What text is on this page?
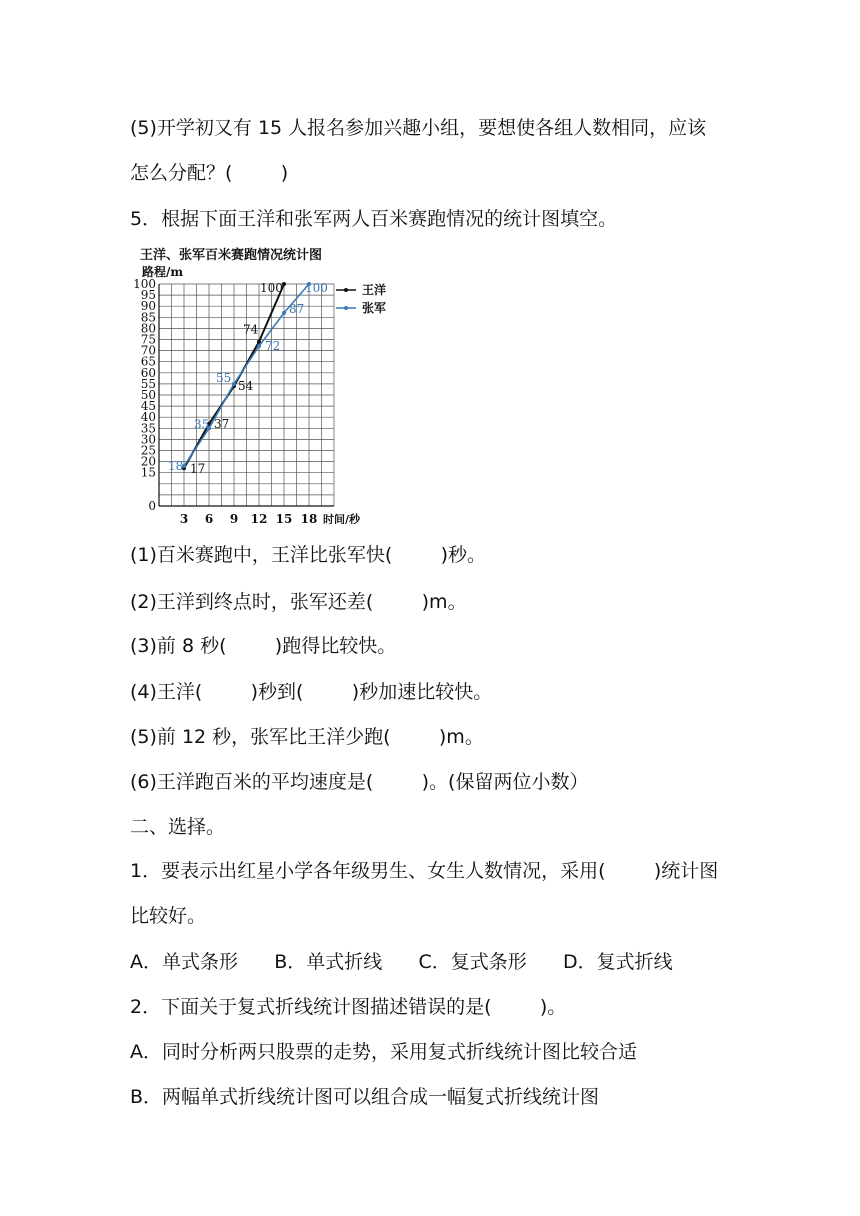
(5)开学初又有 15 人报名参加兴趣小组，要想使各组人数相同，应该
怎么分配？(        )
5．根据下面王洋和张军两人百米赛跑情况的统计图填空。
王洋、张军百米赛跑情况统计图
路程/m
0
15
20
25
30
35
40
45
50
55
60
65
70
75
80
85
90
95
100
3 6 9 12 15 18 时间/秒
17
37
54
74
100
18
35
55
72
87
100	王洋
张军
(1)百米赛跑中，王洋比张军快(        )秒。
(2)王洋到终点时，张军还差(        )m。
(3)前 8 秒(        )跑得比较快。
(4)王洋(        )秒到(        )秒加速比较快。
(5)前 12 秒，张军比王洋少跑(        )m。
(6)王洋跑百米的平均速度是(        )。(保留两位小数）
二、选择。
1．要表示出红星小学各年级男生、女生人数情况，采用(        )统计图
比较好。
A．单式条形      B．单式折线      C．复式条形      D．复式折线
2．下面关于复式折线统计图描述错误的是(        )。
A．同时分析两只股票的走势，采用复式折线统计图比较合适
B．两幅单式折线统计图可以组合成一幅复式折线统计图
